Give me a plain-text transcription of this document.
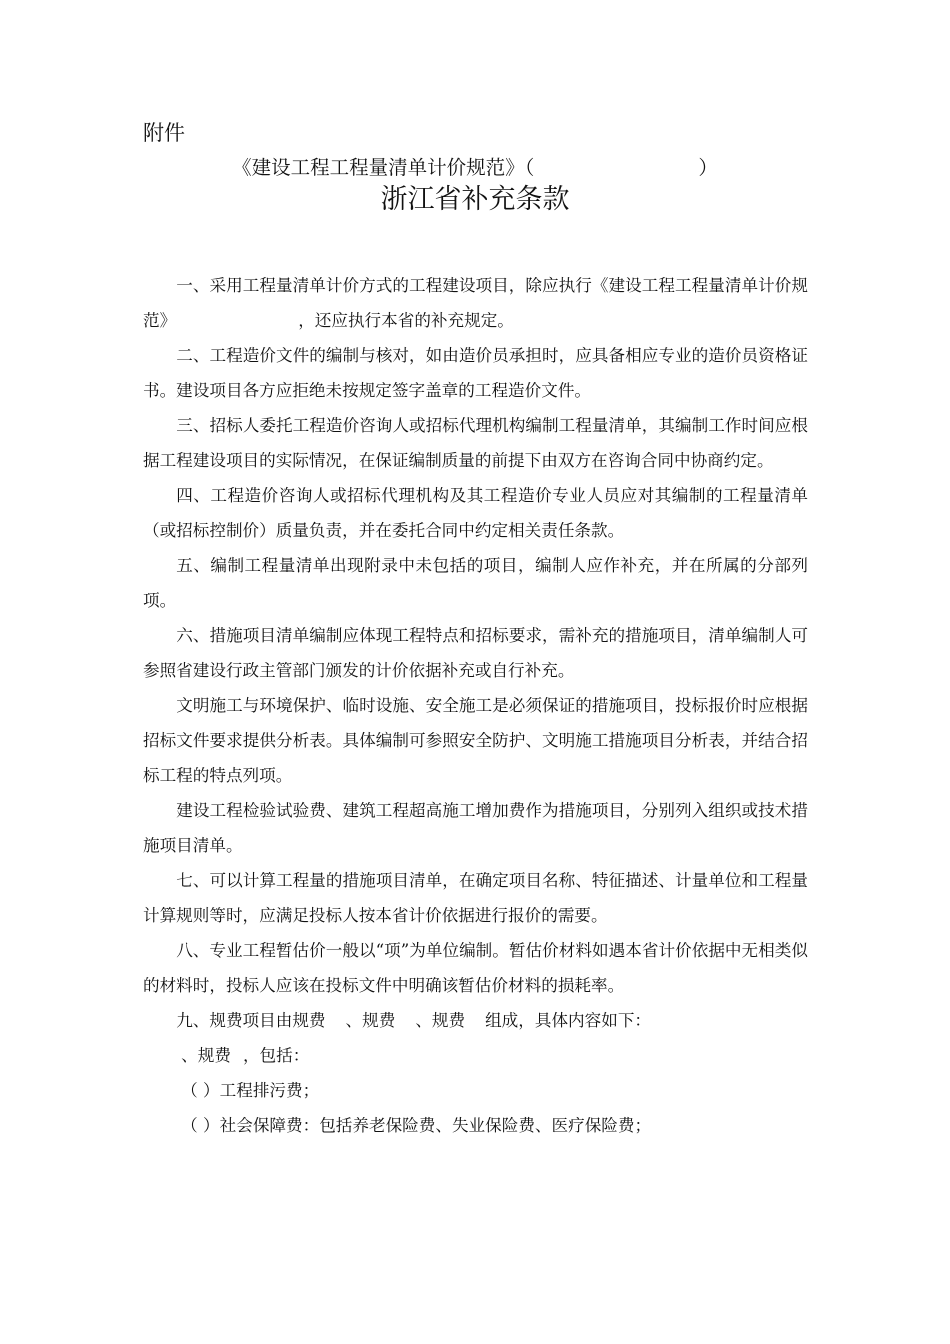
附件
《建设工程工程量清单计价规范》（	）
浙江省补充条款

一、采用工程量清单计价方式的工程建设项目，除应执行《建设工程工程量清单计价规范》	，还应执行本省的补充规定。

二、工程造价文件的编制与核对，如由造价员承担时，应具备相应专业的造价员资格证书。建设项目各方应拒绝未按规定签字盖章的工程造价文件。

三、招标人委托工程造价咨询人或招标代理机构编制工程量清单，其编制工作时间应根据工程建设项目的实际情况，在保证编制质量的前提下由双方在咨询合同中协商约定。

四、工程造价咨询人或招标代理机构及其工程造价专业人员应对其编制的工程量清单（或招标控制价）质量负责，并在委托合同中约定相关责任条款。

五、编制工程量清单出现附录中未包括的项目，编制人应作补充，并在所属的分部列项。

六、措施项目清单编制应体现工程特点和招标要求，需补充的措施项目，清单编制人可参照省建设行政主管部门颁发的计价依据补充或自行补充。

文明施工与环境保护、临时设施、安全施工是必须保证的措施项目，投标报价时应根据招标文件要求提供分析表。具体编制可参照安全防护、文明施工措施项目分析表，并结合招标工程的特点列项。

建设工程检验试验费、建筑工程超高施工增加费作为措施项目，分别列入组织或技术措施项目清单。

七、可以计算工程量的措施项目清单，在确定项目名称、特征描述、计量单位和工程量计算规则等时，应满足投标人按本省计价依据进行报价的需要。

八、专业工程暂估价一般以“项”为单位编制。暂估价材料如遇本省计价依据中无相类似的材料时，投标人应该在投标文件中明确该暂估价材料的损耗率。

九、规费项目由规费 、规费 、规费 组成，具体内容如下：

、规费 ，包括：

（ ）工程排污费；

（ ）社会保障费：包括养老保险费、失业保险费、医疗保险费；
